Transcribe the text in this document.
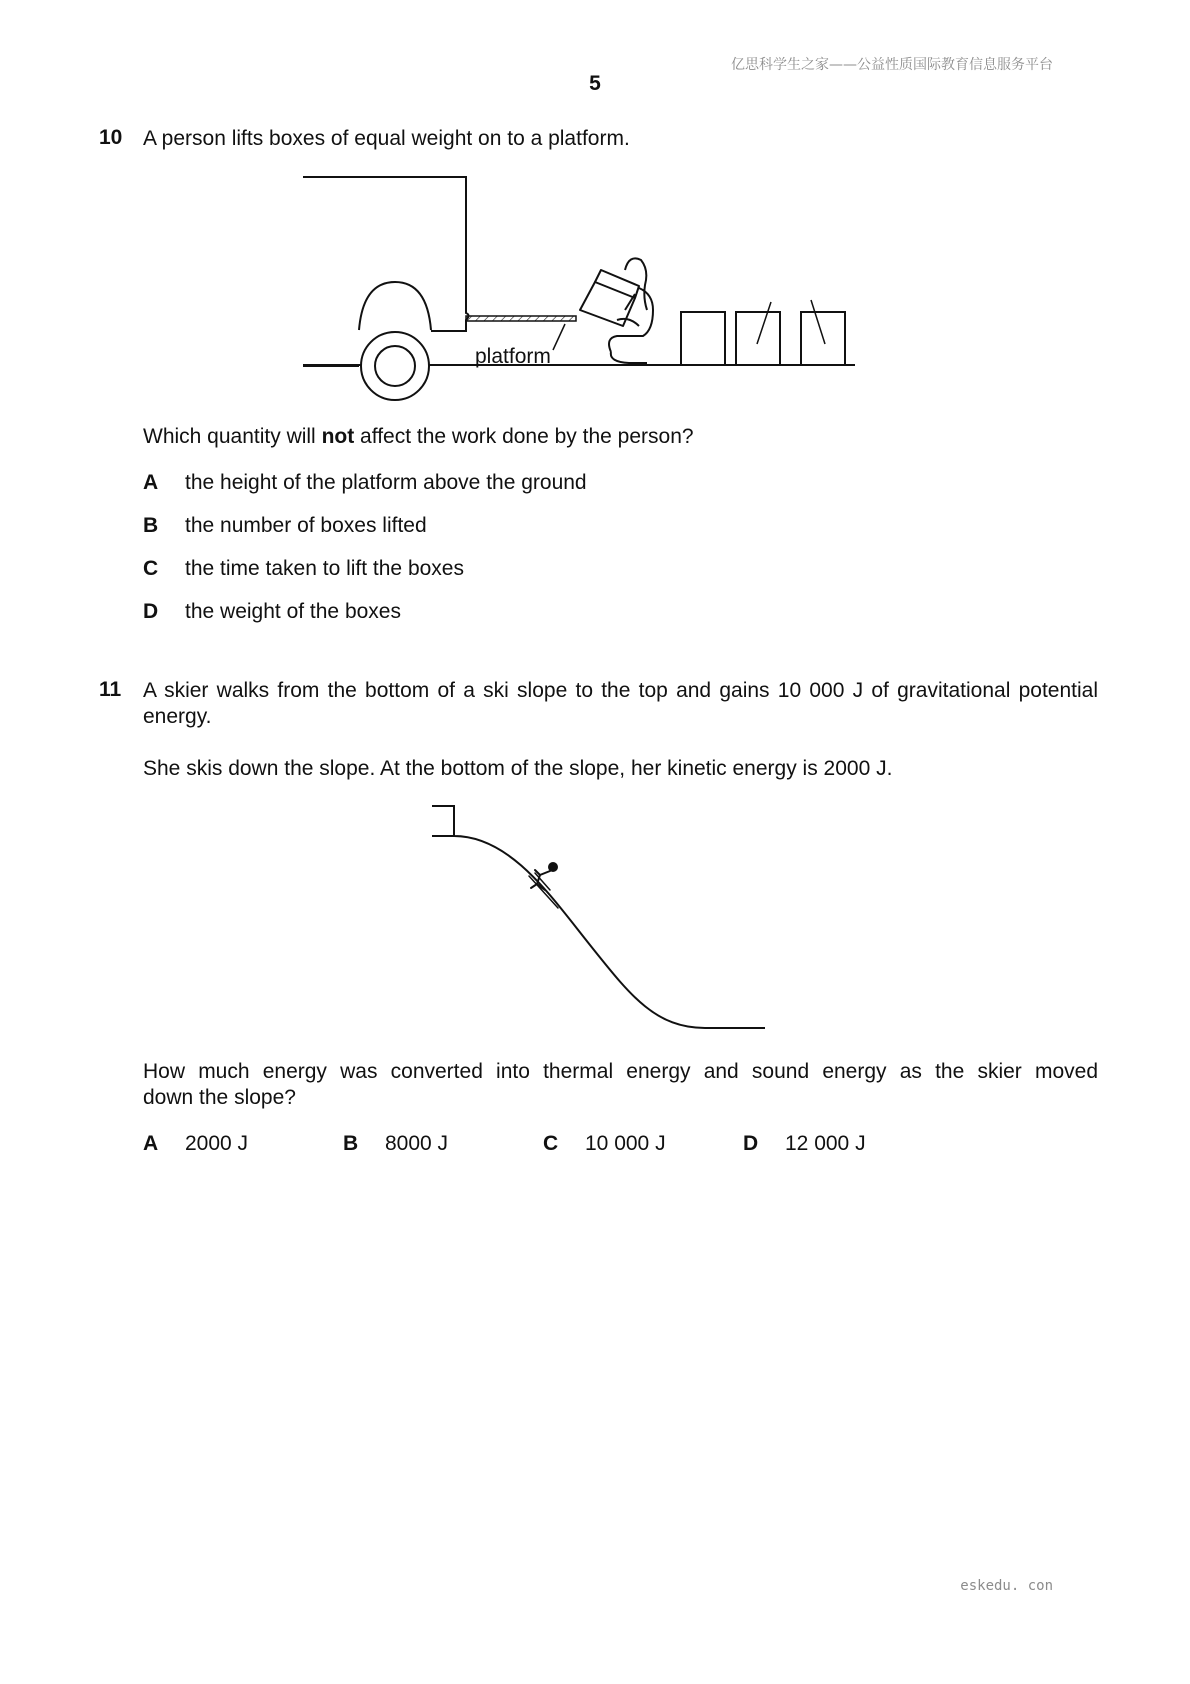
亿思科学生之家——公益性质国际教育信息服务平台
5
10 A person lifts boxes of equal weight on to a platform.
platform
Which quantity will not affect the work done by the person?
A the height of the platform above the ground
B the number of boxes lifted
C the time taken to lift the boxes
D the weight of the boxes
11 A skier walks from the bottom of a ski slope to the top and gains 10 000 J of gravitational potential
energy.
She skis down the slope. At the bottom of the slope, her kinetic energy is 2000 J.
How much energy was converted into thermal energy and sound energy as the skier moved
down the slope?
A 2000 J	B 8000 J	C 10 000 J	D 12 000 J
eskedu. con
